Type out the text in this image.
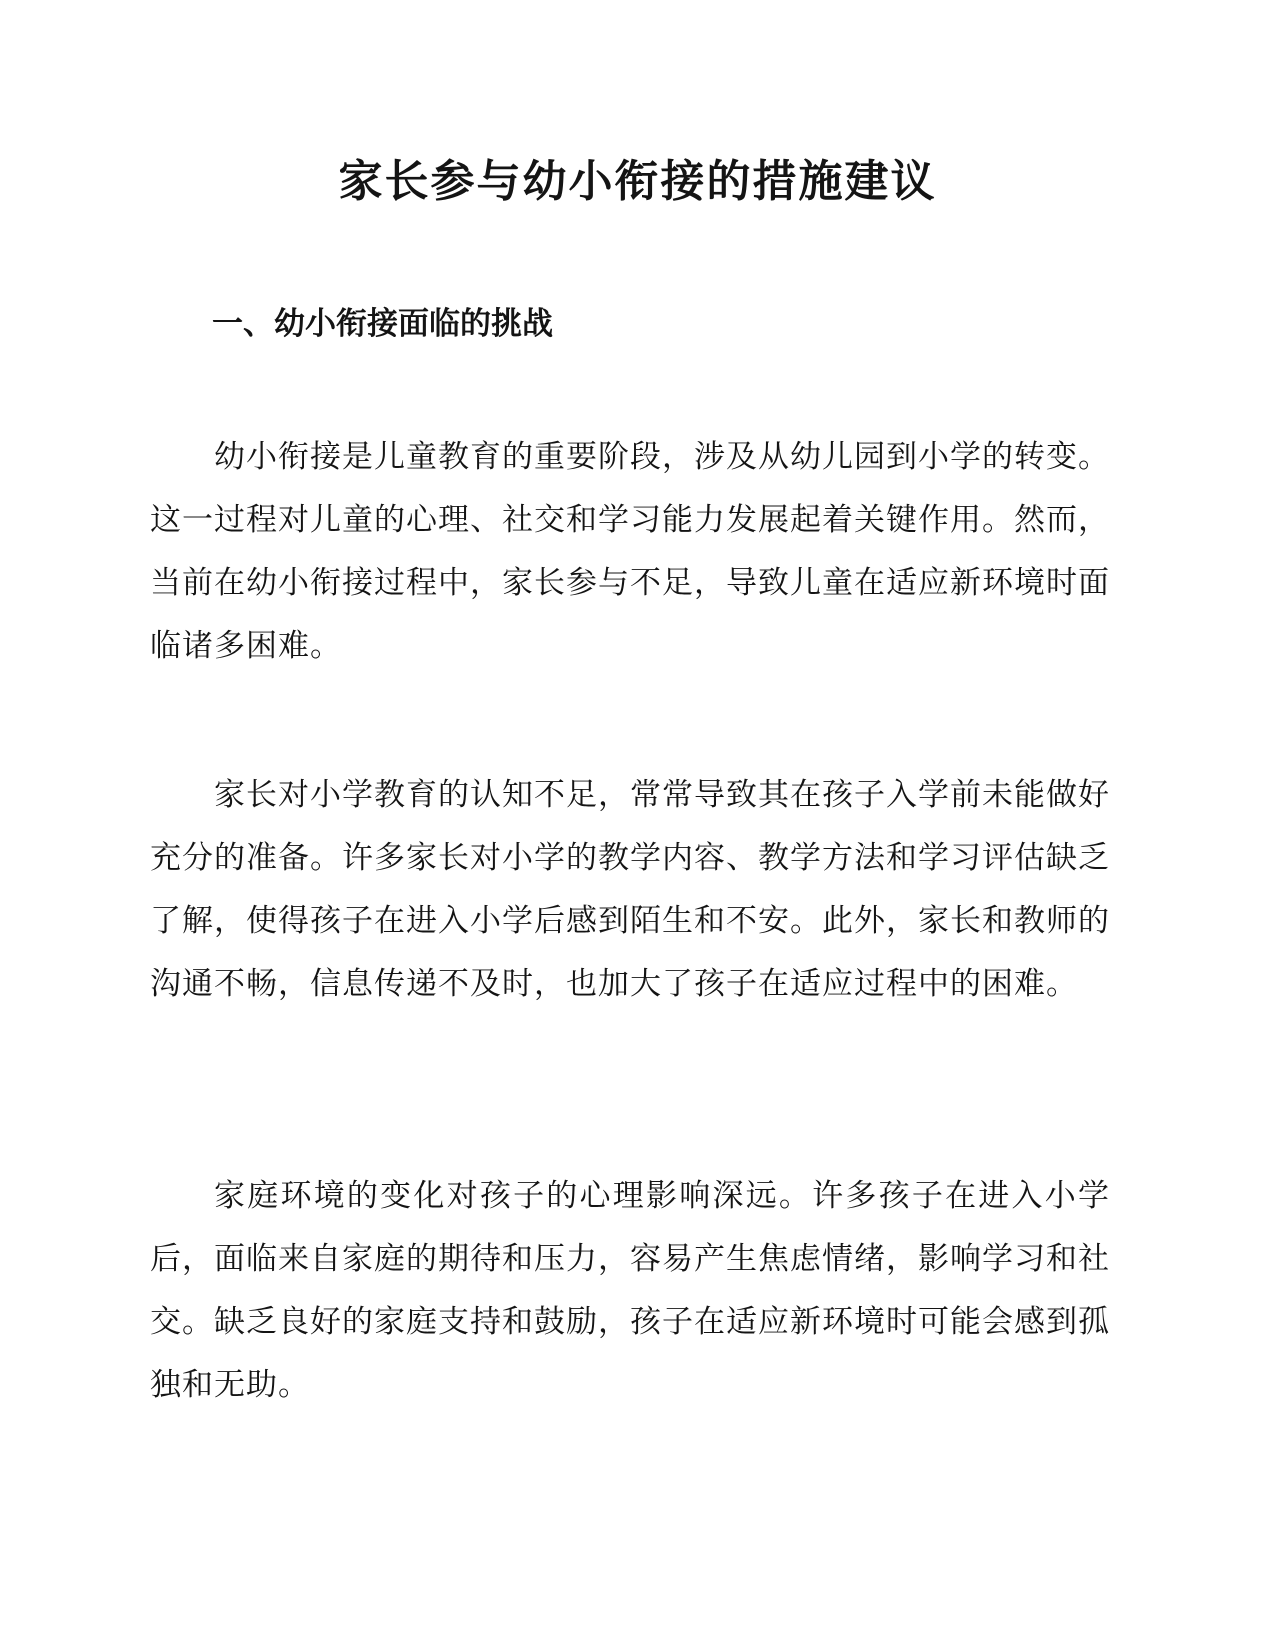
家长参与幼小衔接的措施建议
一、幼小衔接面临的挑战

幼小衔接是儿童教育的重要阶段，涉及从幼儿园到小学的转变。这一过程对儿童的心理、社交和学习能力发展起着关键作用。然而，当前在幼小衔接过程中，家长参与不足，导致儿童在适应新环境时面临诸多困难。

家长对小学教育的认知不足，常常导致其在孩子入学前未能做好充分的准备。许多家长对小学的教学内容、教学方法和学习评估缺乏了解，使得孩子在进入小学后感到陌生和不安。此外，家长和教师的沟通不畅，信息传递不及时，也加大了孩子在适应过程中的困难。

家庭环境的变化对孩子的心理影响深远。许多孩子在进入小学后，面临来自家庭的期待和压力，容易产生焦虑情绪，影响学习和社交。缺乏良好的家庭支持和鼓励，孩子在适应新环境时可能会感到孤独和无助。
